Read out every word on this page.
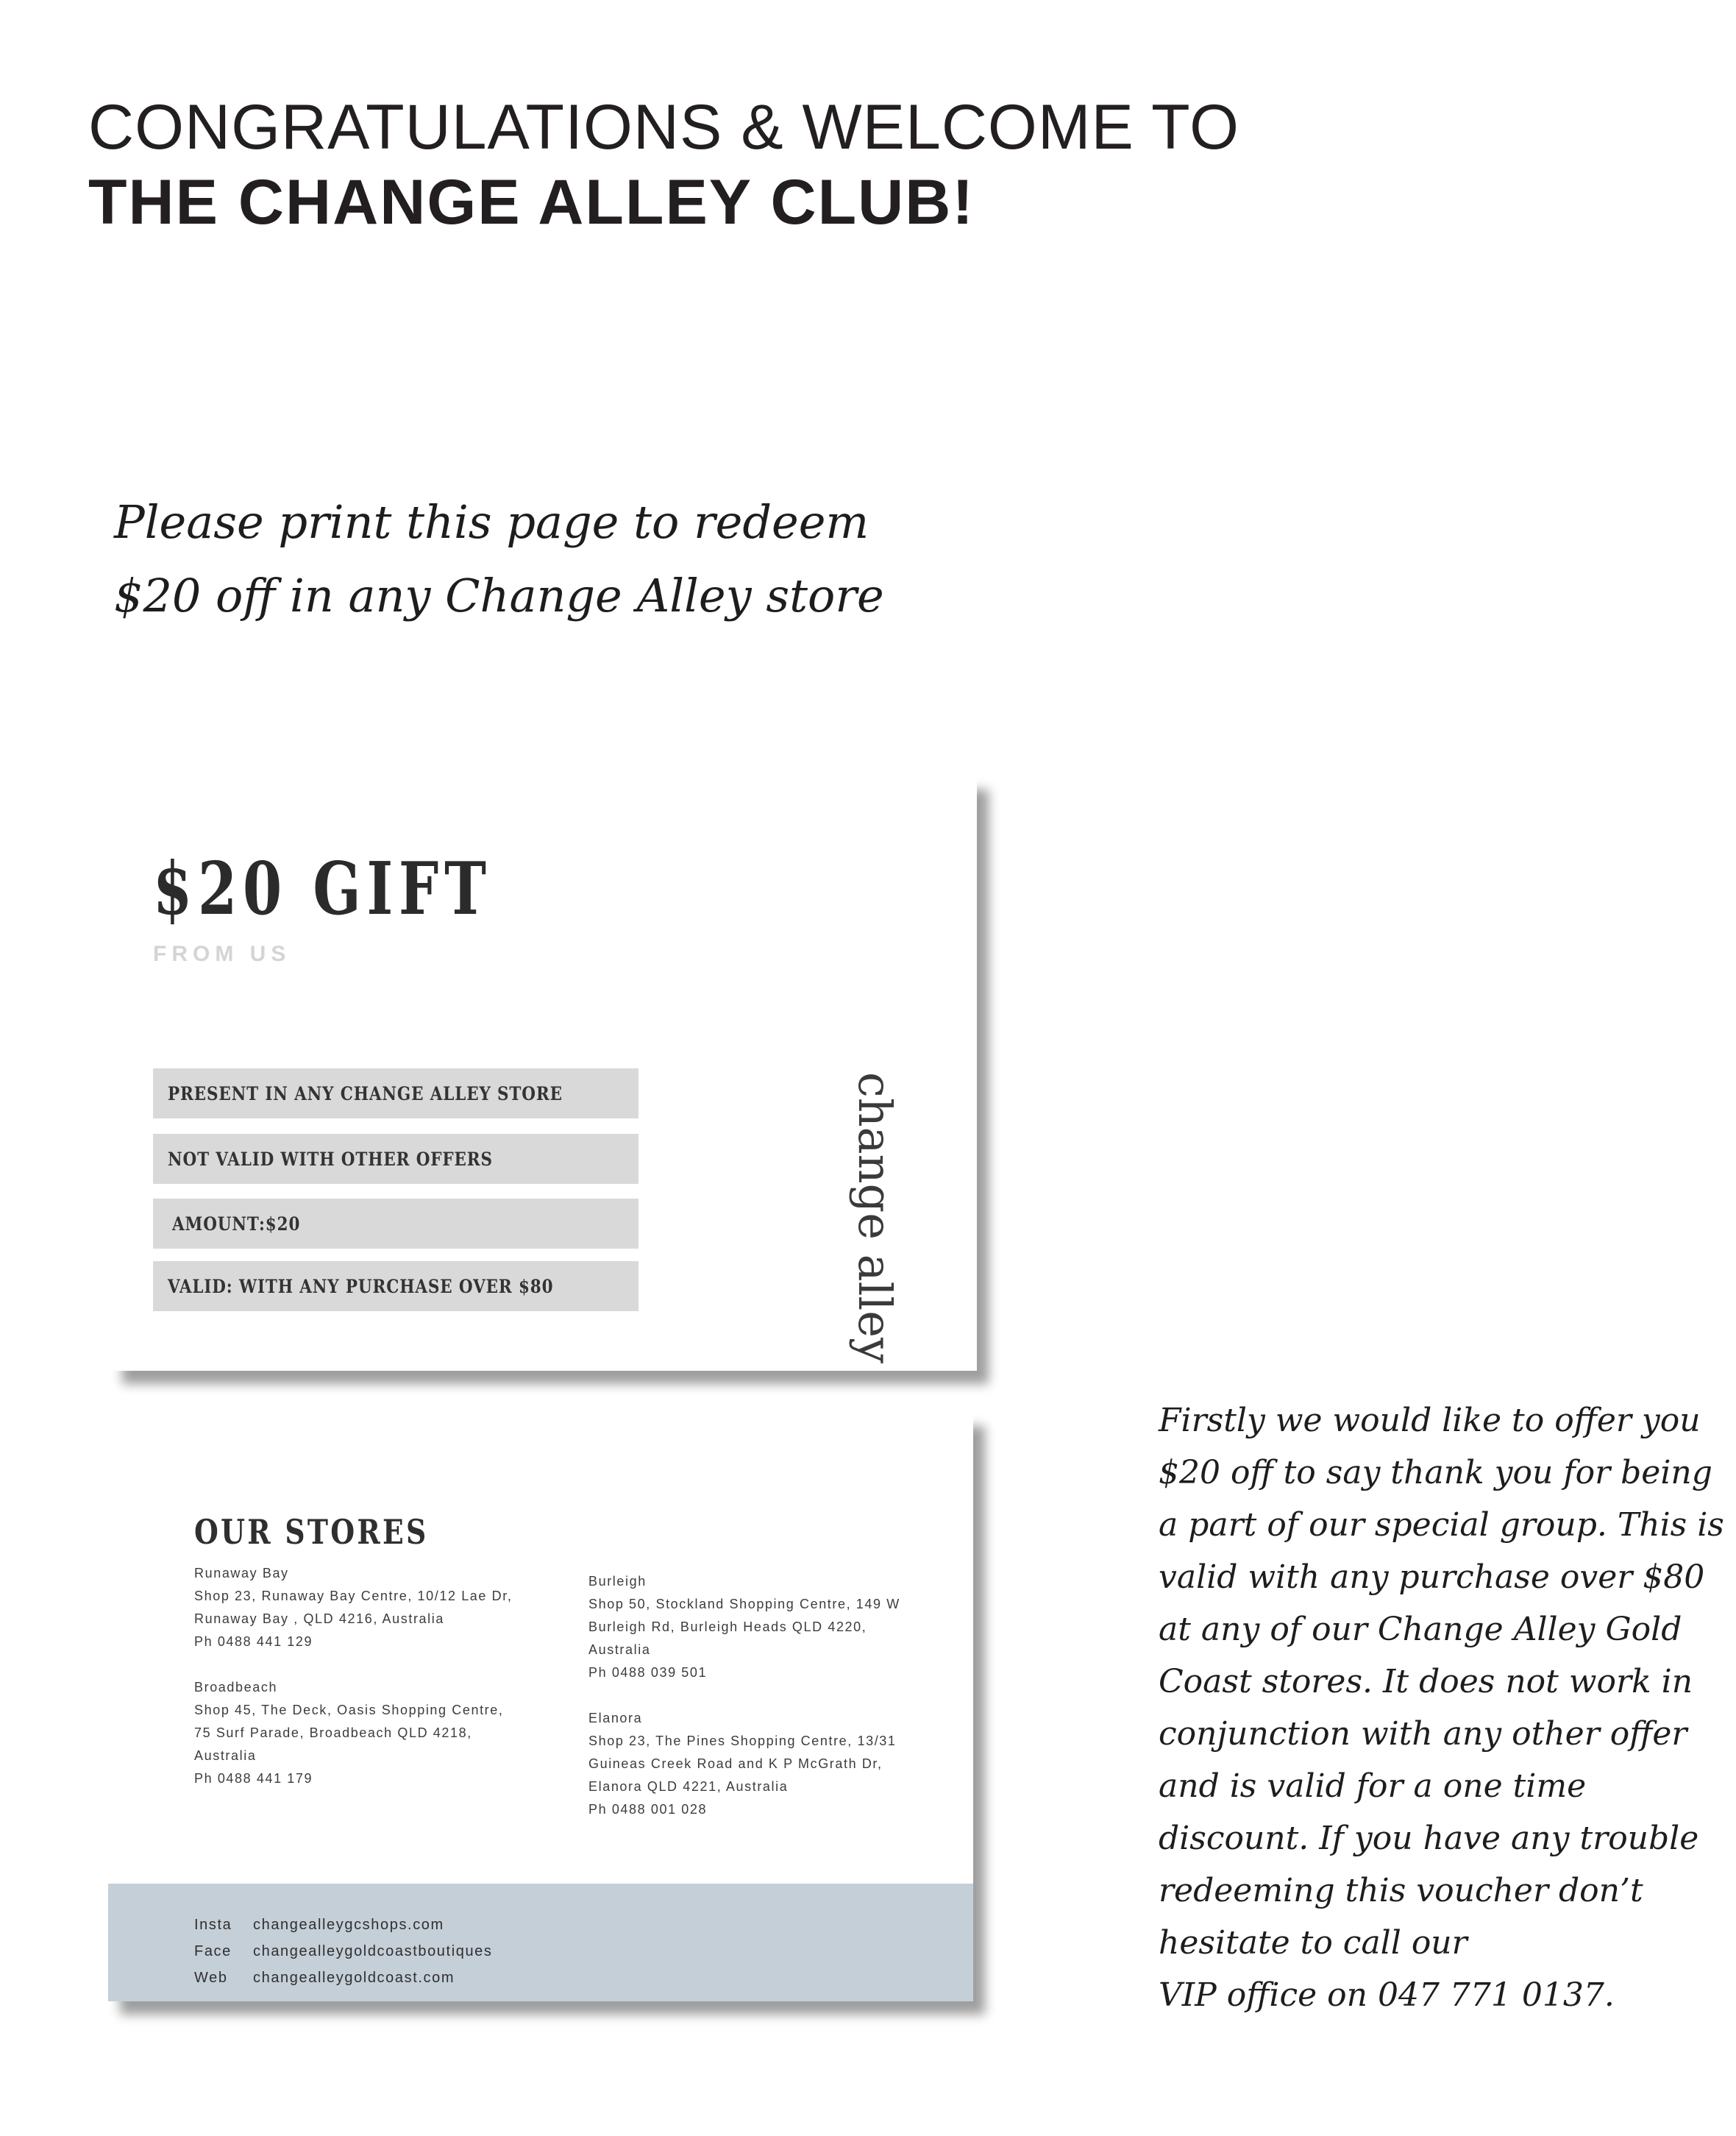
CONGRATULATIONS & WELCOME TO
THE CHANGE ALLEY CLUB!
Please print this page to redeem
$20 off in any Change Alley store
$20 GIFT
FROM US
PRESENT IN ANY CHANGE ALLEY STORE
NOT VALID WITH OTHER OFFERS
AMOUNT:$20
VALID: WITH ANY PURCHASE OVER $80	change alley
OUR STORES
Runaway Bay
Shop 23, Runaway Bay Centre, 10/12 Lae Dr,
Runaway Bay , QLD 4216, Australia
Ph 0488 441 129
Broadbeach
Shop 45, The Deck, Oasis Shopping Centre,
75 Surf Parade, Broadbeach QLD 4218,
Australia
Ph 0488 441 179
Burleigh
Shop 50, Stockland Shopping Centre, 149 W
Burleigh Rd, Burleigh Heads QLD 4220,
Australia
Ph 0488 039 501
Elanora
Shop 23, The Pines Shopping Centre, 13/31
Guineas Creek Road and K P McGrath Dr,
Elanora QLD 4221, Australia
Ph 0488 001 028
Insta	changealleygcshops.com
Face	changealleygoldcoastboutiques
Web	changealleygoldcoast.com
Firstly we would like to offer you
$20 off to say thank you for being
a part of our special group. This is
valid with any purchase over $80
at any of our Change Alley Gold
Coast stores. It does not work in
conjunction with any other offer
and is valid for a one time
discount. If you have any trouble
redeeming this voucher don’t
hesitate to call our
VIP office on 047 771 0137.
